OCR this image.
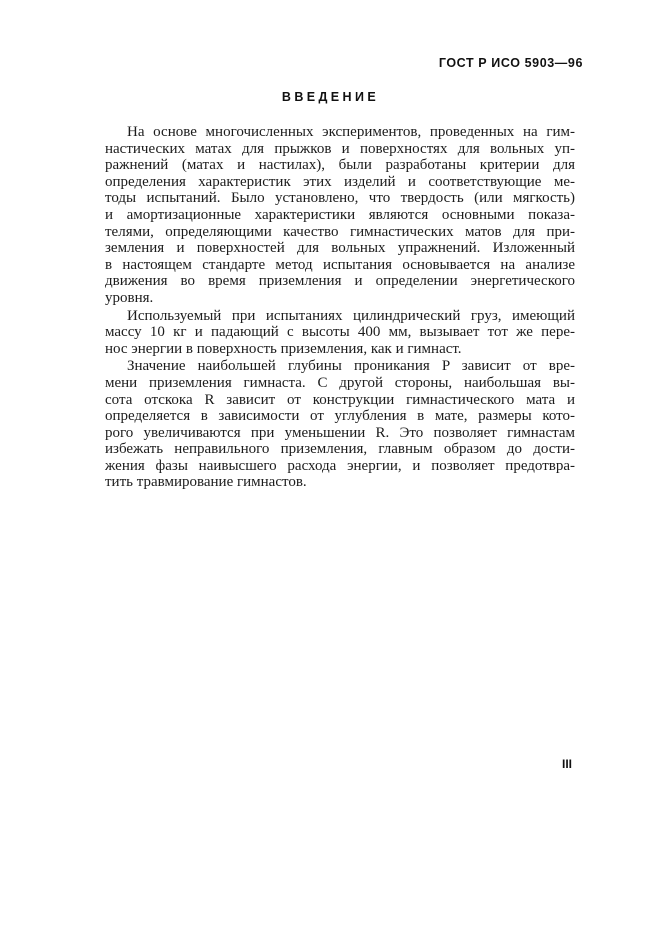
ГОСТ Р ИСО 5903—96
ВВЕДЕНИЕ
На основе многочисленных экспериментов, проведенных на гим-
настических матах для прыжков и поверхностях для вольных уп-
ражнений (матах и настилах), были разработаны критерии для
определения характеристик этих изделий и соответствующие ме-
тоды испытаний. Было установлено, что твердость (или мягкость)
и амортизационные характеристики являются основными показа-
телями, определяющими качество гимнастических матов для при-
земления и поверхностей для вольных упражнений. Изложенный
в настоящем стандарте метод испытания основывается на анализе
движения во время приземления и определении энергетического
уровня.
Используемый при испытаниях цилиндрический груз, имеющий
массу 10 кг и падающий с высоты 400 мм, вызывает тот же пере-
нос энергии в поверхность приземления, как и гимнаст.
Значение наибольшей глубины проникания P зависит от вре-
мени приземления гимнаста. С другой стороны, наибольшая вы-
сота отскока R зависит от конструкции гимнастического мата и
определяется в зависимости от углубления в мате, размеры кото-
рого увеличиваются при уменьшении R. Это позволяет гимнастам
избежать неправильного приземления, главным образом до дости-
жения фазы наивысшего расхода энергии, и позволяет предотвра-
тить травмирование гимнастов.
III
